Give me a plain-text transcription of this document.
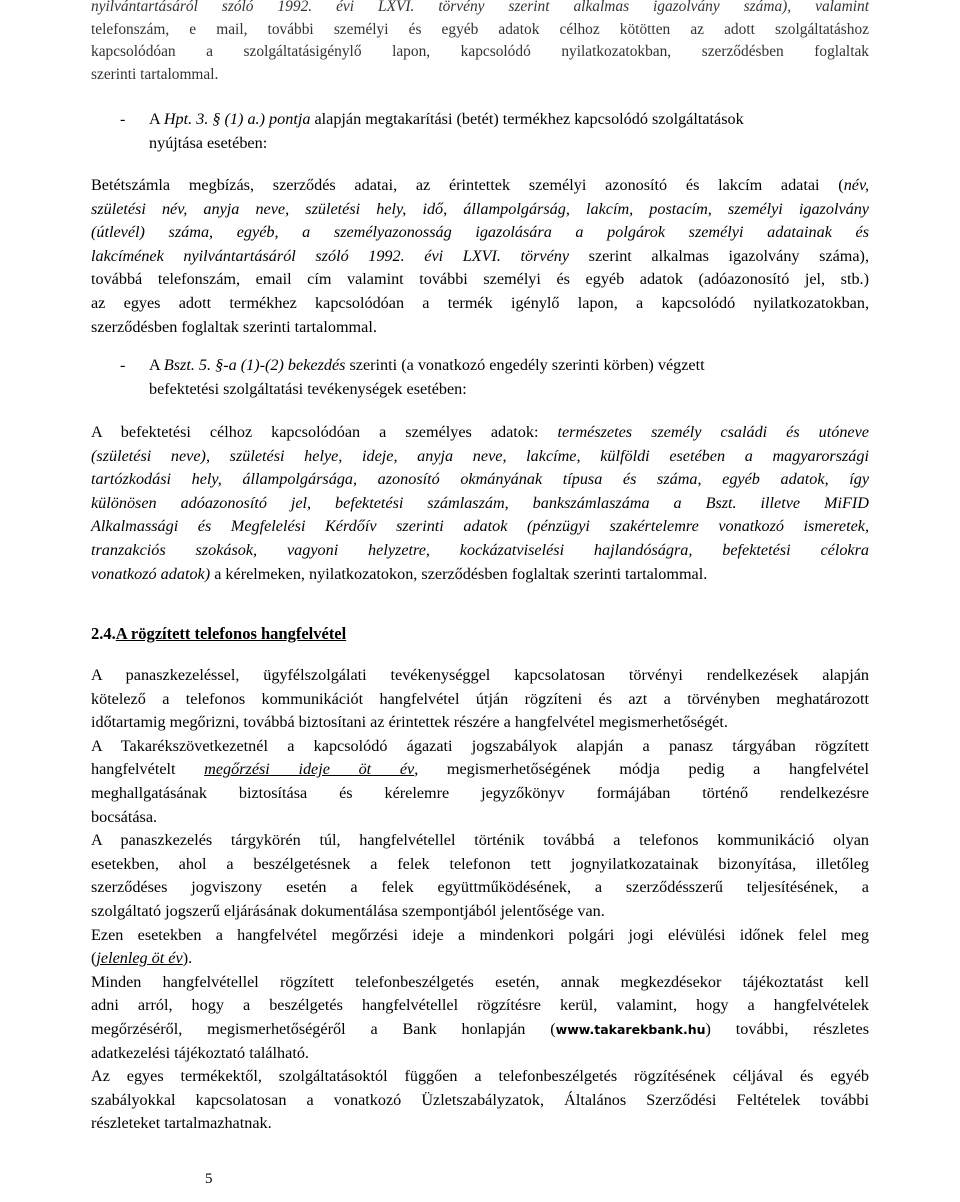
nyilvántartásáról szóló 1992. évi LXVI. törvény szerint alkalmas igazolvány száma), valamint
telefonszám, e mail, további személyi és egyéb adatok célhoz kötötten az adott szolgáltatáshoz
kapcsolódóan a szolgáltatásigénylő lapon, kapcsolódó nyilatkozatokban, szerződésben foglaltak
szerinti tartalommal.
- A Hpt. 3. § (1) a.) pontja alapján megtakarítási (betét) termékhez kapcsolódó szolgáltatások
nyújtása esetében:
Betétszámla megbízás, szerződés adatai, az érintettek személyi azonosító és lakcím adatai (név,
születési név, anyja neve, születési hely, idő, állampolgárság, lakcím, postacím, személyi igazolvány
(útlevél) száma, egyéb, a személyazonosság igazolására a polgárok személyi adatainak és
lakcímének nyilvántartásáról szóló 1992. évi LXVI. törvény szerint alkalmas igazolvány száma),
továbbá telefonszám, email cím valamint további személyi és egyéb adatok (adóazonosító jel, stb.)
az egyes adott termékhez kapcsolódóan a termék igénylő lapon, a kapcsolódó nyilatkozatokban,
szerződésben foglaltak szerinti tartalommal.
- A Bszt. 5. §-a (1)-(2) bekezdés szerinti (a vonatkozó engedély szerinti körben) végzett
befektetési szolgáltatási tevékenységek esetében:
A befektetési célhoz kapcsolódóan a személyes adatok: természetes személy családi és utóneve
(születési neve), születési helye, ideje, anyja neve, lakcíme, külföldi esetében a magyarországi
tartózkodási hely, állampolgársága, azonosító okmányának típusa és száma, egyéb adatok, így
különösen adóazonosító jel, befektetési számlaszám, bankszámlaszáma a Bszt. illetve MiFID
Alkalmassági és Megfelelési Kérdőív szerinti adatok (pénzügyi szakértelemre vonatkozó ismeretek,
tranzakciós szokások, vagyoni helyzetre, kockázatviselési hajlandóságra, befektetési célokra
vonatkozó adatok) a kérelmeken, nyilatkozatokon, szerződésben foglaltak szerinti tartalommal.
2.4.A rögzített telefonos hangfelvétel
A panaszkezeléssel, ügyfélszolgálati tevékenységgel kapcsolatosan törvényi rendelkezések alapján
kötelező a telefonos kommunikációt hangfelvétel útján rögzíteni és azt a törvényben meghatározott
időtartamig megőrizni, továbbá biztosítani az érintettek részére a hangfelvétel megismerhetőségét.
A Takarékszövetkezetnél a kapcsolódó ágazati jogszabályok alapján a panasz tárgyában rögzített
hangfelvételt megőrzési ideje öt év, megismerhetőségének módja pedig a hangfelvétel
meghallgatásának biztosítása és kérelemre jegyzőkönyv formájában történő rendelkezésre
bocsátása.
A panaszkezelés tárgykörén túl, hangfelvétellel történik továbbá a telefonos kommunikáció olyan
esetekben, ahol a beszélgetésnek a felek telefonon tett jognyilatkozatainak bizonyítása, illetőleg
szerződéses jogviszony esetén a felek együttműködésének, a szerződésszerű teljesítésének, a
szolgáltató jogszerű eljárásának dokumentálása szempontjából jelentősége van.
Ezen esetekben a hangfelvétel megőrzési ideje a mindenkori polgári jogi elévülési időnek felel meg
(jelenleg öt év).
Minden hangfelvétellel rögzített telefonbeszélgetés esetén, annak megkezdésekor tájékoztatást kell
adni arról, hogy a beszélgetés hangfelvétellel rögzítésre kerül, valamint, hogy a hangfelvételek
megőrzéséről, megismerhetőségéről a Bank honlapján (www.takarekbank.hu) további, részletes
adatkezelési tájékoztató található.
Az egyes termékektől, szolgáltatásoktól függően a telefonbeszélgetés rögzítésének céljával és egyéb
szabályokkal kapcsolatosan a vonatkozó Üzletszabályzatok, Általános Szerződési Feltételek további
részleteket tartalmazhatnak.
5
